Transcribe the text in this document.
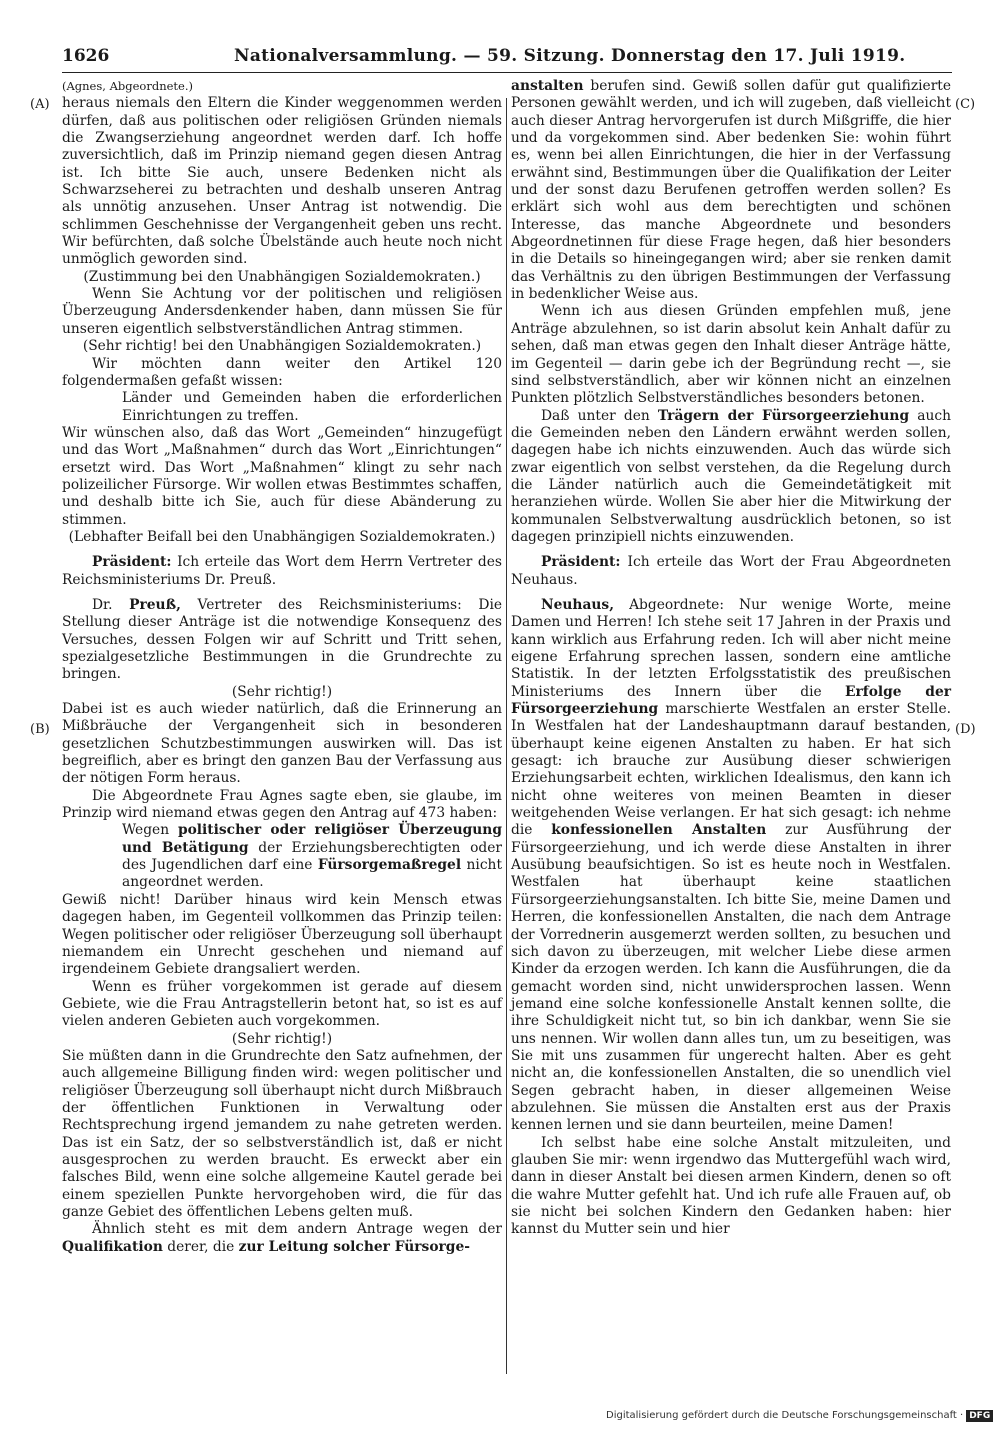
1626	Nationalversammlung. — 59. Sitzung. Donnerstag den 17. Juli 1919.
(A)
(B)
(C)
(D)

(Agnes, Abgeordnete.)

heraus niemals den Eltern die Kinder weggenommen werden dürfen, daß aus politischen oder religiösen Gründen niemals die Zwangserziehung angeordnet werden darf. Ich hoffe zuversichtlich, daß im Prinzip niemand gegen diesen Antrag ist. Ich bitte Sie auch, unsere Bedenken nicht als Schwarzseherei zu betrachten und deshalb unseren Antrag als unnötig anzusehen. Unser Antrag ist notwendig. Die schlimmen Geschehnisse der Vergangenheit geben uns recht. Wir befürchten, daß solche Übelstände auch heute noch nicht unmöglich geworden sind.

(Zustimmung bei den Unabhängigen Sozialdemokraten.)

Wenn Sie Achtung vor der politischen und religiösen Überzeugung Andersdenkender haben, dann müssen Sie für unseren eigentlich selbstverständlichen Antrag stimmen.

(Sehr richtig! bei den Unabhängigen Sozialdemokraten.)

Wir möchten dann weiter den Artikel 120 folgendermaßen gefaßt wissen:

Länder und Gemeinden haben die erforderlichen Einrichtungen zu treffen.

Wir wünschen also, daß das Wort „Gemeinden“ hinzugefügt und das Wort „Maßnahmen“ durch das Wort „Einrichtungen“ ersetzt wird. Das Wort „Maßnahmen“ klingt zu sehr nach polizeilicher Fürsorge. Wir wollen etwas Bestimmtes schaffen, und deshalb bitte ich Sie, auch für diese Abänderung zu stimmen.

(Lebhafter Beifall bei den Unabhängigen Sozialdemokraten.)

Präsident: Ich erteile das Wort dem Herrn Vertreter des Reichsministeriums Dr. Preuß.

Dr. Preuß, Vertreter des Reichsministeriums: Die Stellung dieser Anträge ist die notwendige Konsequenz des Versuches, dessen Folgen wir auf Schritt und Tritt sehen, spezialgesetzliche Bestimmungen in die Grundrechte zu bringen.

(Sehr richtig!)

Dabei ist es auch wieder natürlich, daß die Erinnerung an Mißbräuche der Vergangenheit sich in besonderen gesetzlichen Schutzbestimmungen auswirken will. Das ist begreiflich, aber es bringt den ganzen Bau der Verfassung aus der nötigen Form heraus.

Die Abgeordnete Frau Agnes sagte eben, sie glaube, im Prinzip wird niemand etwas gegen den Antrag auf 473 haben:

Wegen politischer oder religiöser Überzeugung und Betätigung der Erziehungsberechtigten oder des Jugendlichen darf eine Fürsorgemaßregel nicht angeordnet werden.

Gewiß nicht! Darüber hinaus wird kein Mensch etwas dagegen haben, im Gegenteil vollkommen das Prinzip teilen: Wegen politischer oder religiöser Überzeugung soll überhaupt niemandem ein Unrecht geschehen und niemand auf irgendeinem Gebiete drangsaliert werden.

Wenn es früher vorgekommen ist gerade auf diesem Gebiete, wie die Frau Antragstellerin betont hat, so ist es auf vielen anderen Gebieten auch vorgekommen.

(Sehr richtig!)

Sie müßten dann in die Grundrechte den Satz aufnehmen, der auch allgemeine Billigung finden wird: wegen politischer und religiöser Überzeugung soll überhaupt nicht durch Mißbrauch der öffentlichen Funktionen in Verwaltung oder Rechtsprechung irgend jemandem zu nahe getreten werden. Das ist ein Satz, der so selbstverständlich ist, daß er nicht ausgesprochen zu werden braucht. Es erweckt aber ein falsches Bild, wenn eine solche allgemeine Kautel gerade bei einem speziellen Punkte hervorgehoben wird, die für das ganze Gebiet des öffentlichen Lebens gelten muß.

Ähnlich steht es mit dem andern Antrage wegen der Qualifikation derer, die zur Leitung solcher Fürsorge-

anstalten berufen sind. Gewiß sollen dafür gut qualifizierte Personen gewählt werden, und ich will zugeben, daß vielleicht auch dieser Antrag hervorgerufen ist durch Mißgriffe, die hier und da vorgekommen sind. Aber bedenken Sie: wohin führt es, wenn bei allen Einrichtungen, die hier in der Verfassung erwähnt sind, Bestimmungen über die Qualifikation der Leiter und der sonst dazu Berufenen getroffen werden sollen? Es erklärt sich wohl aus dem berechtigten und schönen Interesse, das manche Abgeordnete und besonders Abgeordnetinnen für diese Frage hegen, daß hier besonders in die Details so hineingegangen wird; aber sie renken damit das Verhältnis zu den übrigen Bestimmungen der Verfassung in bedenklicher Weise aus.

Wenn ich aus diesen Gründen empfehlen muß, jene Anträge abzulehnen, so ist darin absolut kein Anhalt dafür zu sehen, daß man etwas gegen den Inhalt dieser Anträge hätte, im Gegenteil — darin gebe ich der Begründung recht —, sie sind selbstverständlich, aber wir können nicht an einzelnen Punkten plötzlich Selbstverständliches besonders betonen.

Daß unter den Trägern der Fürsorgeerziehung auch die Gemeinden neben den Ländern erwähnt werden sollen, dagegen habe ich nichts einzuwenden. Auch das würde sich zwar eigentlich von selbst verstehen, da die Regelung durch die Länder natürlich auch die Gemeindetätigkeit mit heranziehen würde. Wollen Sie aber hier die Mitwirkung der kommunalen Selbstverwaltung ausdrücklich betonen, so ist dagegen prinzipiell nichts einzuwenden.

Präsident: Ich erteile das Wort der Frau Abgeordneten Neuhaus.

Neuhaus, Abgeordnete: Nur wenige Worte, meine Damen und Herren! Ich stehe seit 17 Jahren in der Praxis und kann wirklich aus Erfahrung reden. Ich will aber nicht meine eigene Erfahrung sprechen lassen, sondern eine amtliche Statistik. In der letzten Erfolgsstatistik des preußischen Ministeriums des Innern über die Erfolge der Fürsorgeerziehung marschierte Westfalen an erster Stelle. In Westfalen hat der Landeshauptmann darauf bestanden, überhaupt keine eigenen Anstalten zu haben. Er hat sich gesagt: ich brauche zur Ausübung dieser schwierigen Erziehungsarbeit echten, wirklichen Idealismus, den kann ich nicht ohne weiteres von meinen Beamten in dieser weitgehenden Weise verlangen. Er hat sich gesagt: ich nehme die konfessionellen Anstalten zur Ausführung der Fürsorgeerziehung, und ich werde diese Anstalten in ihrer Ausübung beaufsichtigen. So ist es heute noch in Westfalen. Westfalen hat überhaupt keine staatlichen Fürsorgeerziehungsanstalten. Ich bitte Sie, meine Damen und Herren, die konfessionellen Anstalten, die nach dem Antrage der Vorrednerin ausgemerzt werden sollten, zu besuchen und sich davon zu überzeugen, mit welcher Liebe diese armen Kinder da erzogen werden. Ich kann die Ausführungen, die da gemacht worden sind, nicht unwidersprochen lassen. Wenn jemand eine solche konfessionelle Anstalt kennen sollte, die ihre Schuldigkeit nicht tut, so bin ich dankbar, wenn Sie sie uns nennen. Wir wollen dann alles tun, um zu beseitigen, was Sie mit uns zusammen für ungerecht halten. Aber es geht nicht an, die konfessionellen Anstalten, die so unendlich viel Segen gebracht haben, in dieser allgemeinen Weise abzulehnen. Sie müssen die Anstalten erst aus der Praxis kennen lernen und sie dann beurteilen, meine Damen!

Ich selbst habe eine solche Anstalt mitzuleiten, und glauben Sie mir: wenn irgendwo das Muttergefühl wach wird, dann in dieser Anstalt bei diesen armen Kindern, denen so oft die wahre Mutter gefehlt hat. Und ich rufe alle Frauen auf, ob sie nicht bei solchen Kindern den Gedanken haben: hier kannst du Mutter sein und hier

Digitalisierung gefördert durch die Deutsche Forschungsgemeinschaft · DFG
